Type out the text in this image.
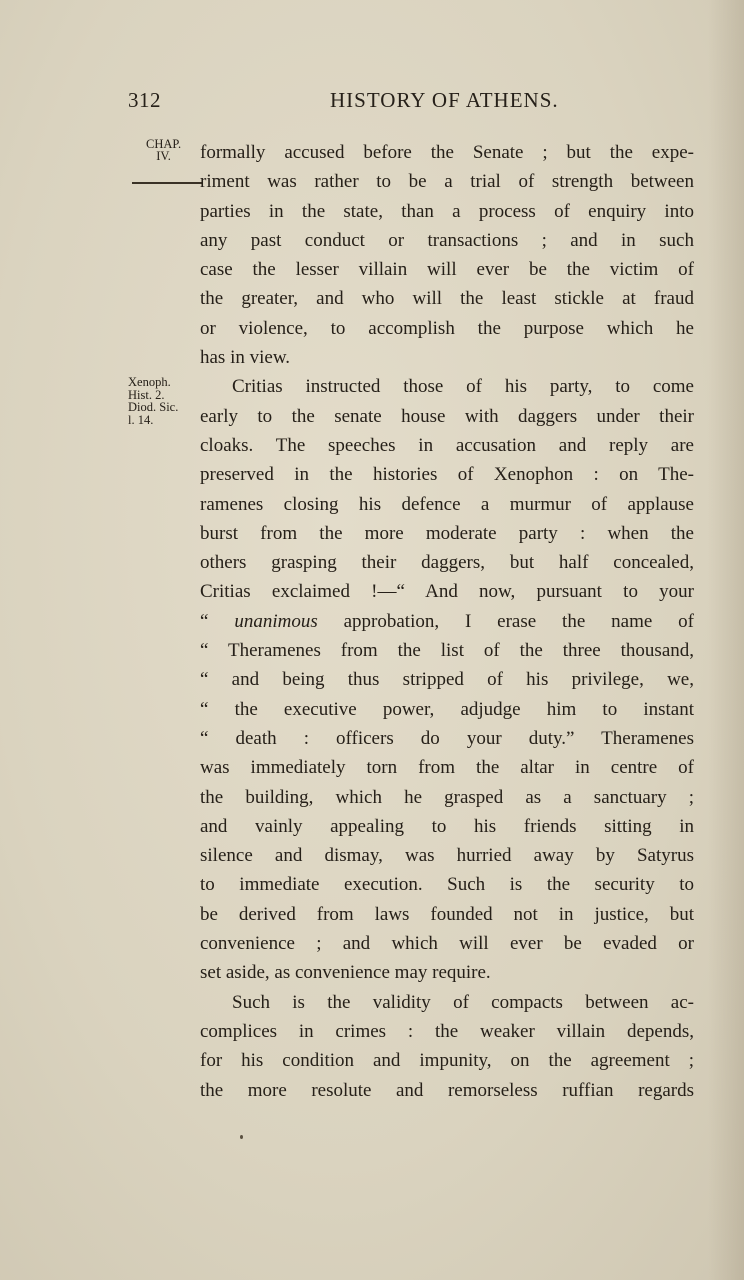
312	HISTORY OF ATHENS.
CHAP.
IV.
Xenoph.
Hist. 2.
Diod. Sic.
l. 14.
formally accused before the Senate ; but the expe-
riment was rather to be a trial of strength between
parties in the state, than a process of enquiry into
any past conduct or transactions ; and in such
case the lesser villain will ever be the victim of
the greater, and who will the least stickle at fraud
or violence, to accomplish the purpose which he
has in view.
Critias instructed those of his party, to come
early to the senate house with daggers under their
cloaks. The speeches in accusation and reply are
preserved in the histories of Xenophon : on The-
ramenes closing his defence a murmur of applause
burst from the more moderate party : when the
others grasping their daggers, but half concealed,
Critias exclaimed !—“ And now, pursuant to your
“ unanimous approbation, I erase the name of
“ Theramenes from the list of the three thousand,
“ and being thus stripped of his privilege, we,
“ the executive power, adjudge him to instant
“ death : officers do your duty.” Theramenes
was immediately torn from the altar in centre of
the building, which he grasped as a sanctuary ;
and vainly appealing to his friends sitting in
silence and dismay, was hurried away by Satyrus
to immediate execution. Such is the security to
be derived from laws founded not in justice, but
convenience ; and which will ever be evaded or
set aside, as convenience may require.
Such is the validity of compacts between ac-
complices in crimes : the weaker villain depends,
for his condition and impunity, on the agreement ;
the more resolute and remorseless ruffian regards
